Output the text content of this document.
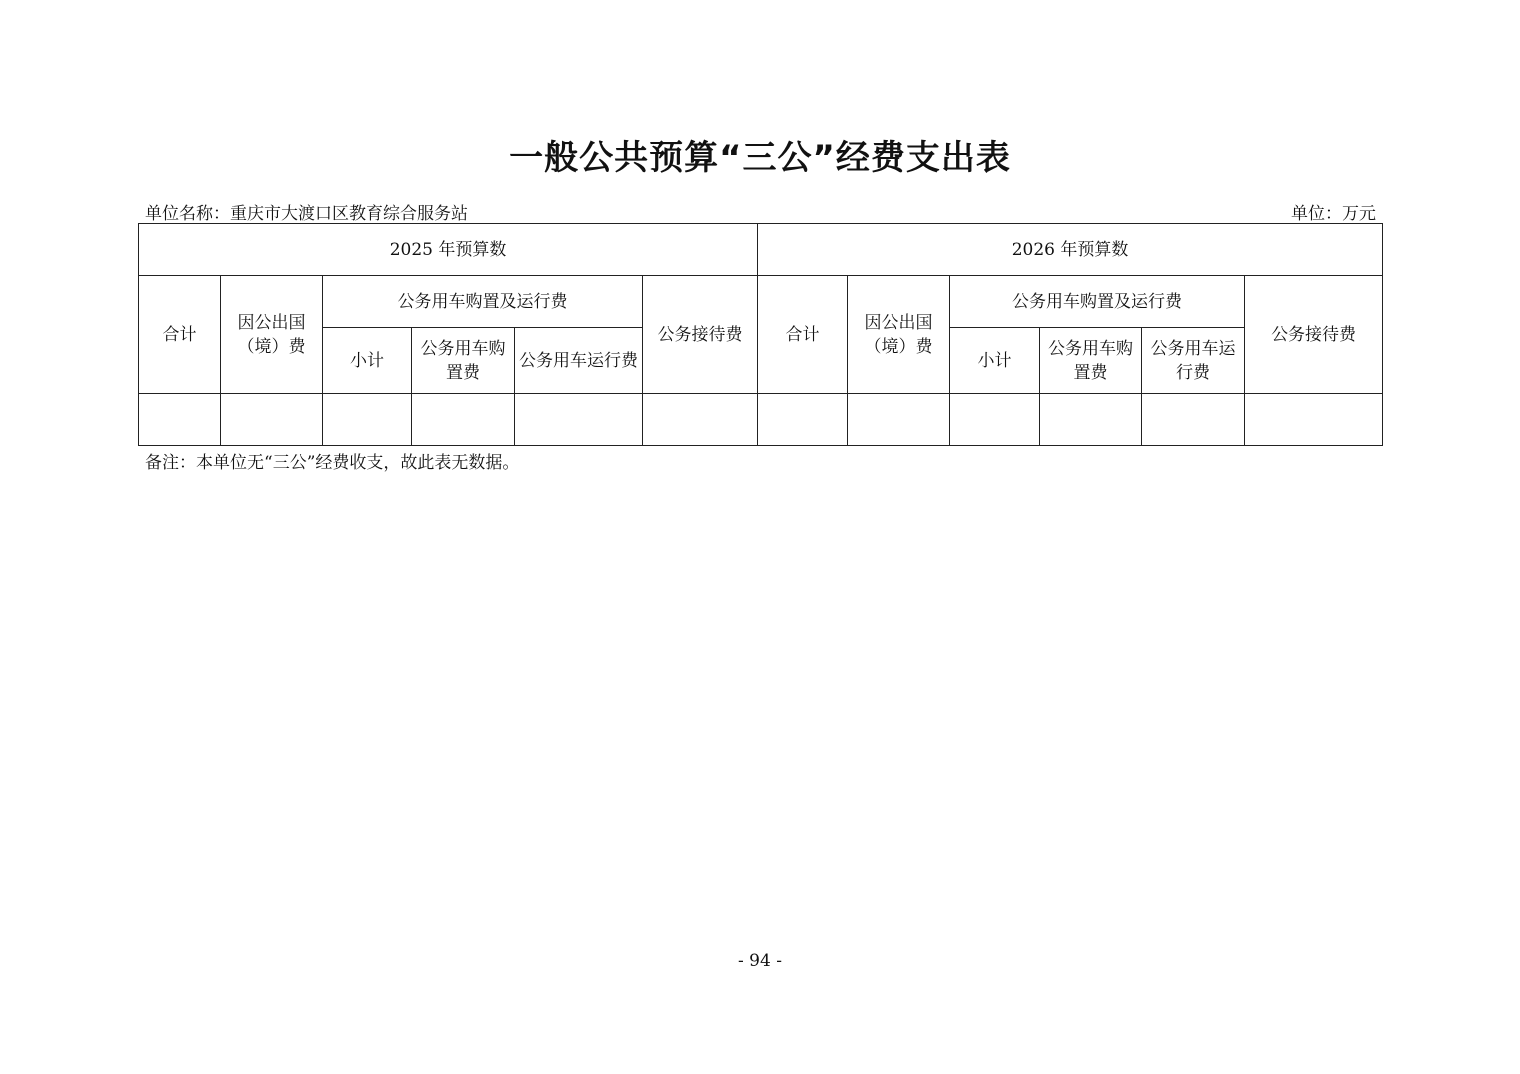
一般公共预算“三公”经费支出表
单位名称：重庆市大渡口区教育综合服务站	单位：万元
2025 年预算数						2026 年预算数					
合计	因公出国（境）费	公务用车购置及运行费			公务接待费	合计	因公出国（境）费	公务用车购置及运行费			公务接待费
		小计	公务用车购置费	公务用车运行费				小计	公务用车购置费	公务用车运行费	

备注：本单位无“三公”经费收支，故此表无数据。
- 94 -
